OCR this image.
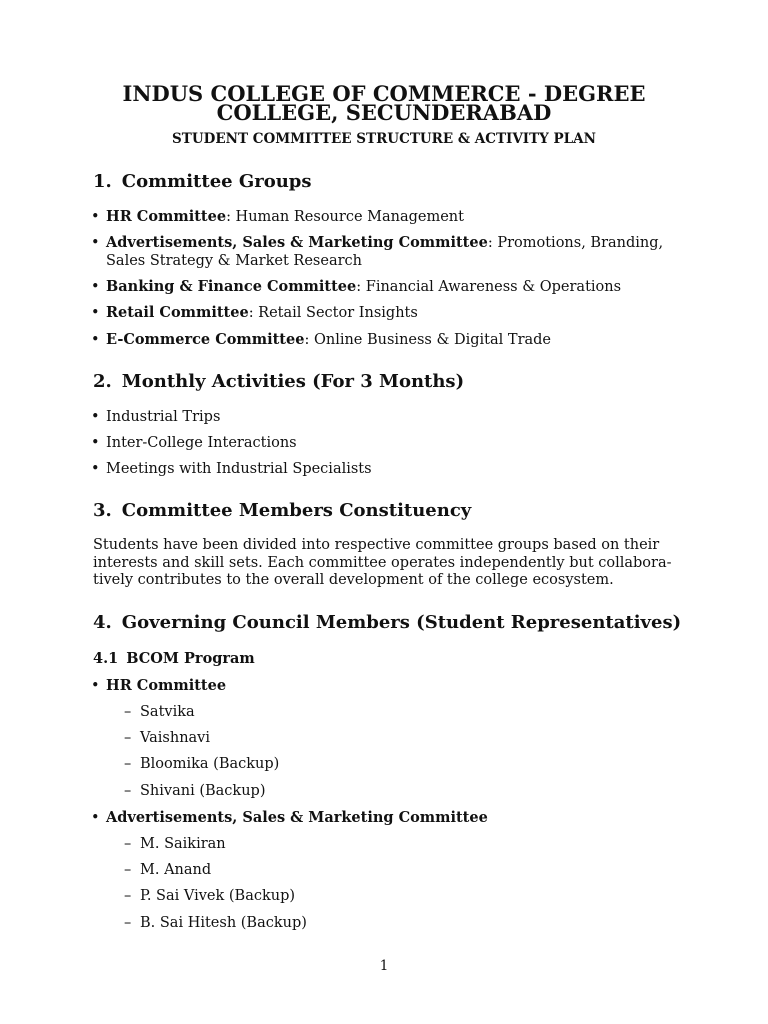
INDUS COLLEGE OF COMMERCE - DEGREE
COLLEGE, SECUNDERABAD
STUDENT COMMITTEE STRUCTURE & ACTIVITY PLAN
1. Committee Groups
• HR Committee: Human Resource Management
• Advertisements, Sales & Marketing Committee: Promotions, Branding, Sales Strategy & Market Research
• Banking & Finance Committee: Financial Awareness & Operations
• Retail Committee: Retail Sector Insights
• E-Commerce Committee: Online Business & Digital Trade
2. Monthly Activities (For 3 Months)
• Industrial Trips
• Inter-College Interactions
• Meetings with Industrial Specialists
3. Committee Members Constituency
Students have been divided into respective committee groups based on their
interests and skill sets. Each committee operates independently but collabora-
tively contributes to the overall development of the college ecosystem.
4. Governing Council Members (Student Representatives)
4.1 BCOM Program
• HR Committee
– Satvika
– Vaishnavi
– Bloomika (Backup)
– Shivani (Backup)
• Advertisements, Sales & Marketing Committee
– M. Saikiran
– M. Anand
– P. Sai Vivek (Backup)
– B. Sai Hitesh (Backup)
1
